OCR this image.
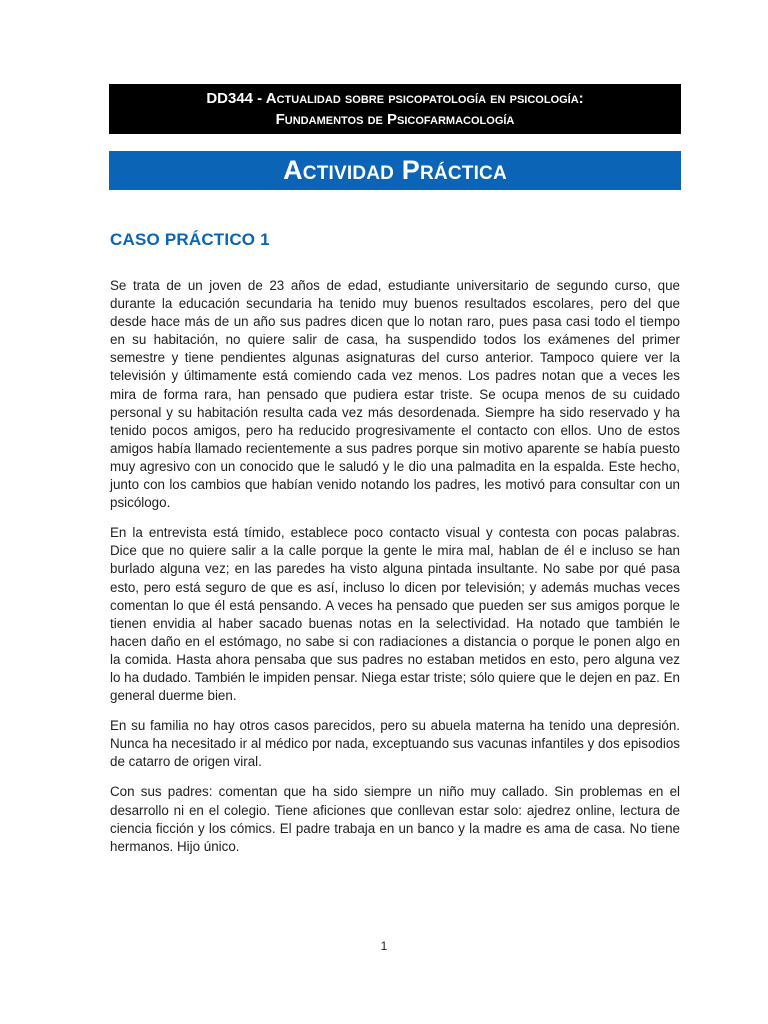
DD344 - Actualidad sobre psicopatología en psicología:
Fundamentos de Psicofarmacología
Actividad Práctica
CASO PRÁCTICO 1

Se trata de un joven de 23 años de edad, estudiante universitario de segundo curso, que durante la educación secundaria ha tenido muy buenos resultados escolares, pero del que desde hace más de un año sus padres dicen que lo notan raro, pues pasa casi todo el tiempo en su habitación, no quiere salir de casa, ha suspendido todos los exámenes del primer semestre y tiene pendientes algunas asignaturas del curso anterior. Tampoco quiere ver la televisión y últimamente está comiendo cada vez menos. Los padres notan que a veces les mira de forma rara, han pensado que pudiera estar triste. Se ocupa menos de su cuidado personal y su habitación resulta cada vez más desordenada. Siempre ha sido reservado y ha tenido pocos amigos, pero ha reducido progresivamente el contacto con ellos. Uno de estos amigos había llamado recientemente a sus padres porque sin motivo aparente se había puesto muy agresivo con un conocido que le saludó y le dio una palmadita en la espalda. Este hecho, junto con los cambios que habían venido notando los padres, les motivó para consultar con un psicólogo.

En la entrevista está tímido, establece poco contacto visual y contesta con pocas palabras. Dice que no quiere salir a la calle porque la gente le mira mal, hablan de él e incluso se han burlado alguna vez; en las paredes ha visto alguna pintada insultante. No sabe por qué pasa esto, pero está seguro de que es así, incluso lo dicen por televisión; y además muchas veces comentan lo que él está pensando. A veces ha pensado que pueden ser sus amigos porque le tienen envidia al haber sacado buenas notas en la selectividad. Ha notado que también le hacen daño en el estómago, no sabe si con radiaciones a distancia o porque le ponen algo en la comida. Hasta ahora pensaba que sus padres no estaban metidos en esto, pero alguna vez lo ha dudado. También le impiden pensar. Niega estar triste; sólo quiere que le dejen en paz. En general duerme bien.

En su familia no hay otros casos parecidos, pero su abuela materna ha tenido una depresión. Nunca ha necesitado ir al médico por nada, exceptuando sus vacunas infantiles y dos episodios de catarro de origen viral.

Con sus padres: comentan que ha sido siempre un niño muy callado. Sin problemas en el desarrollo ni en el colegio. Tiene aficiones que conllevan estar solo: ajedrez online, lectura de ciencia ficción y los cómics. El padre trabaja en un banco y la madre es ama de casa. No tiene hermanos. Hijo único.

1
